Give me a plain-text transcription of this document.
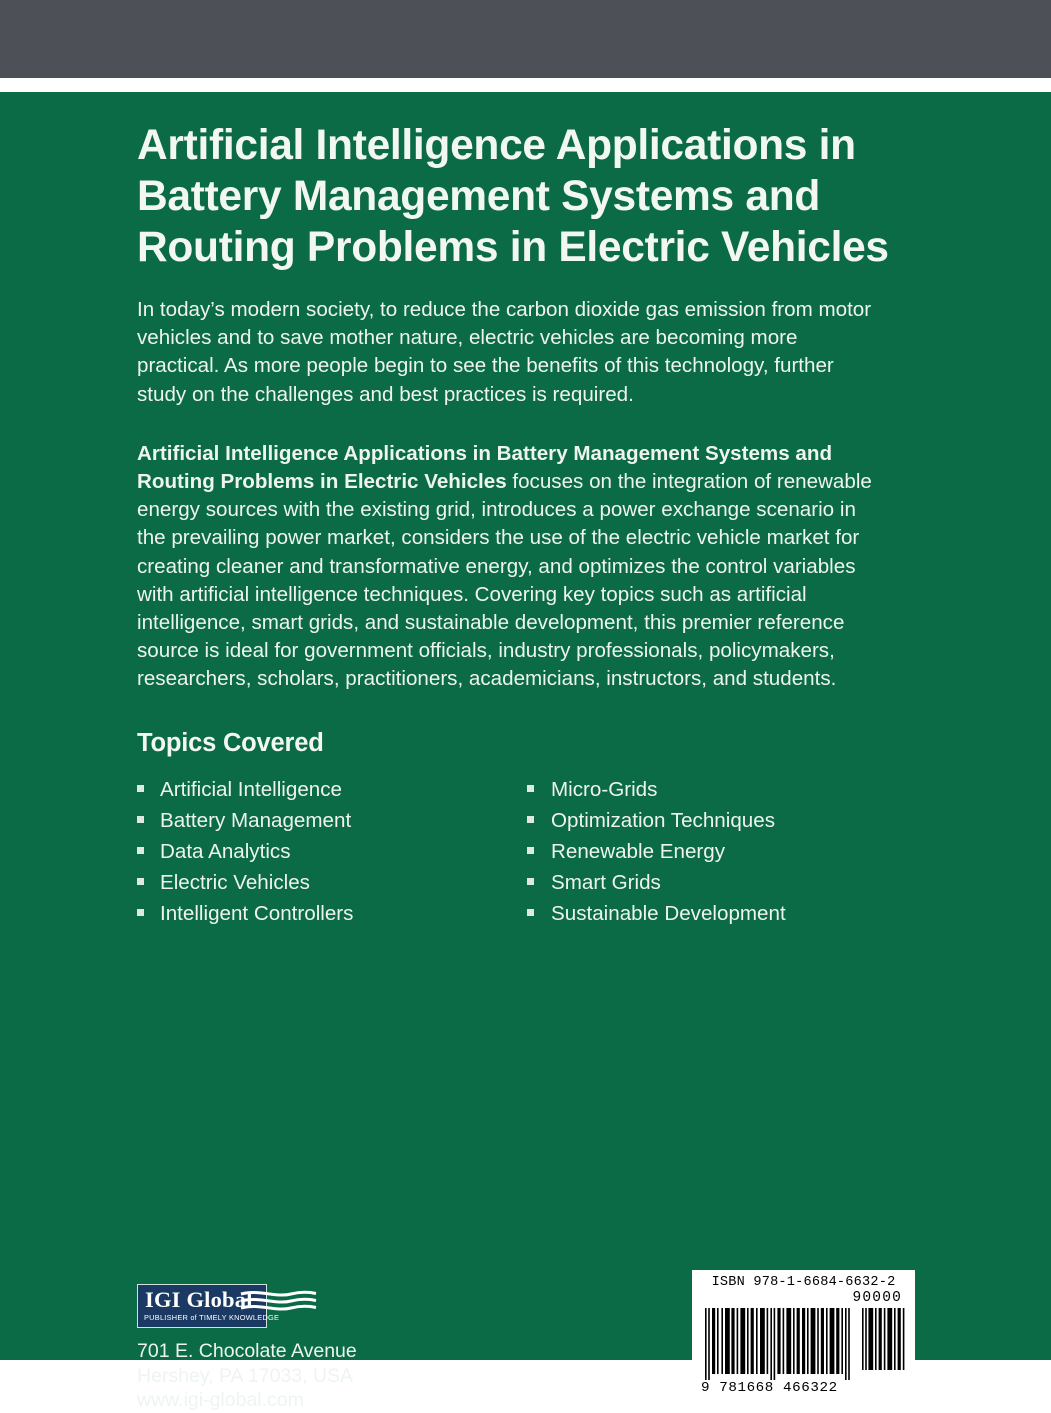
Artificial Intelligence Applications in Battery Management Systems and Routing Problems in Electric Vehicles
In today’s modern society, to reduce the carbon dioxide gas emission from motor vehicles and to save mother nature, electric vehicles are becoming more practical. As more people begin to see the benefits of this technology, further study on the challenges and best practices is required.
Artificial Intelligence Applications in Battery Management Systems and Routing Problems in Electric Vehicles focuses on the integration of renewable energy sources with the existing grid, introduces a power exchange scenario in the prevailing power market, considers the use of the electric vehicle market for creating cleaner and transformative energy, and optimizes the control variables with artificial intelligence techniques. Covering key topics such as artificial intelligence, smart grids, and sustainable development, this premier reference source is ideal for government officials, industry professionals, policymakers, researchers, scholars, practitioners, academicians, instructors, and students.
Topics Covered
Artificial Intelligence
Battery Management
Data Analytics
Electric Vehicles
Intelligent Controllers
Micro-Grids
Optimization Techniques
Renewable Energy
Smart Grids
Sustainable Development
IGI Global
PUBLISHER of TIMELY KNOWLEDGE
701 E. Chocolate Avenue
Hershey, PA 17033, USA
www.igi-global.com
ISBN 978-1-6684-6632-2
90000
9 781668 466322
